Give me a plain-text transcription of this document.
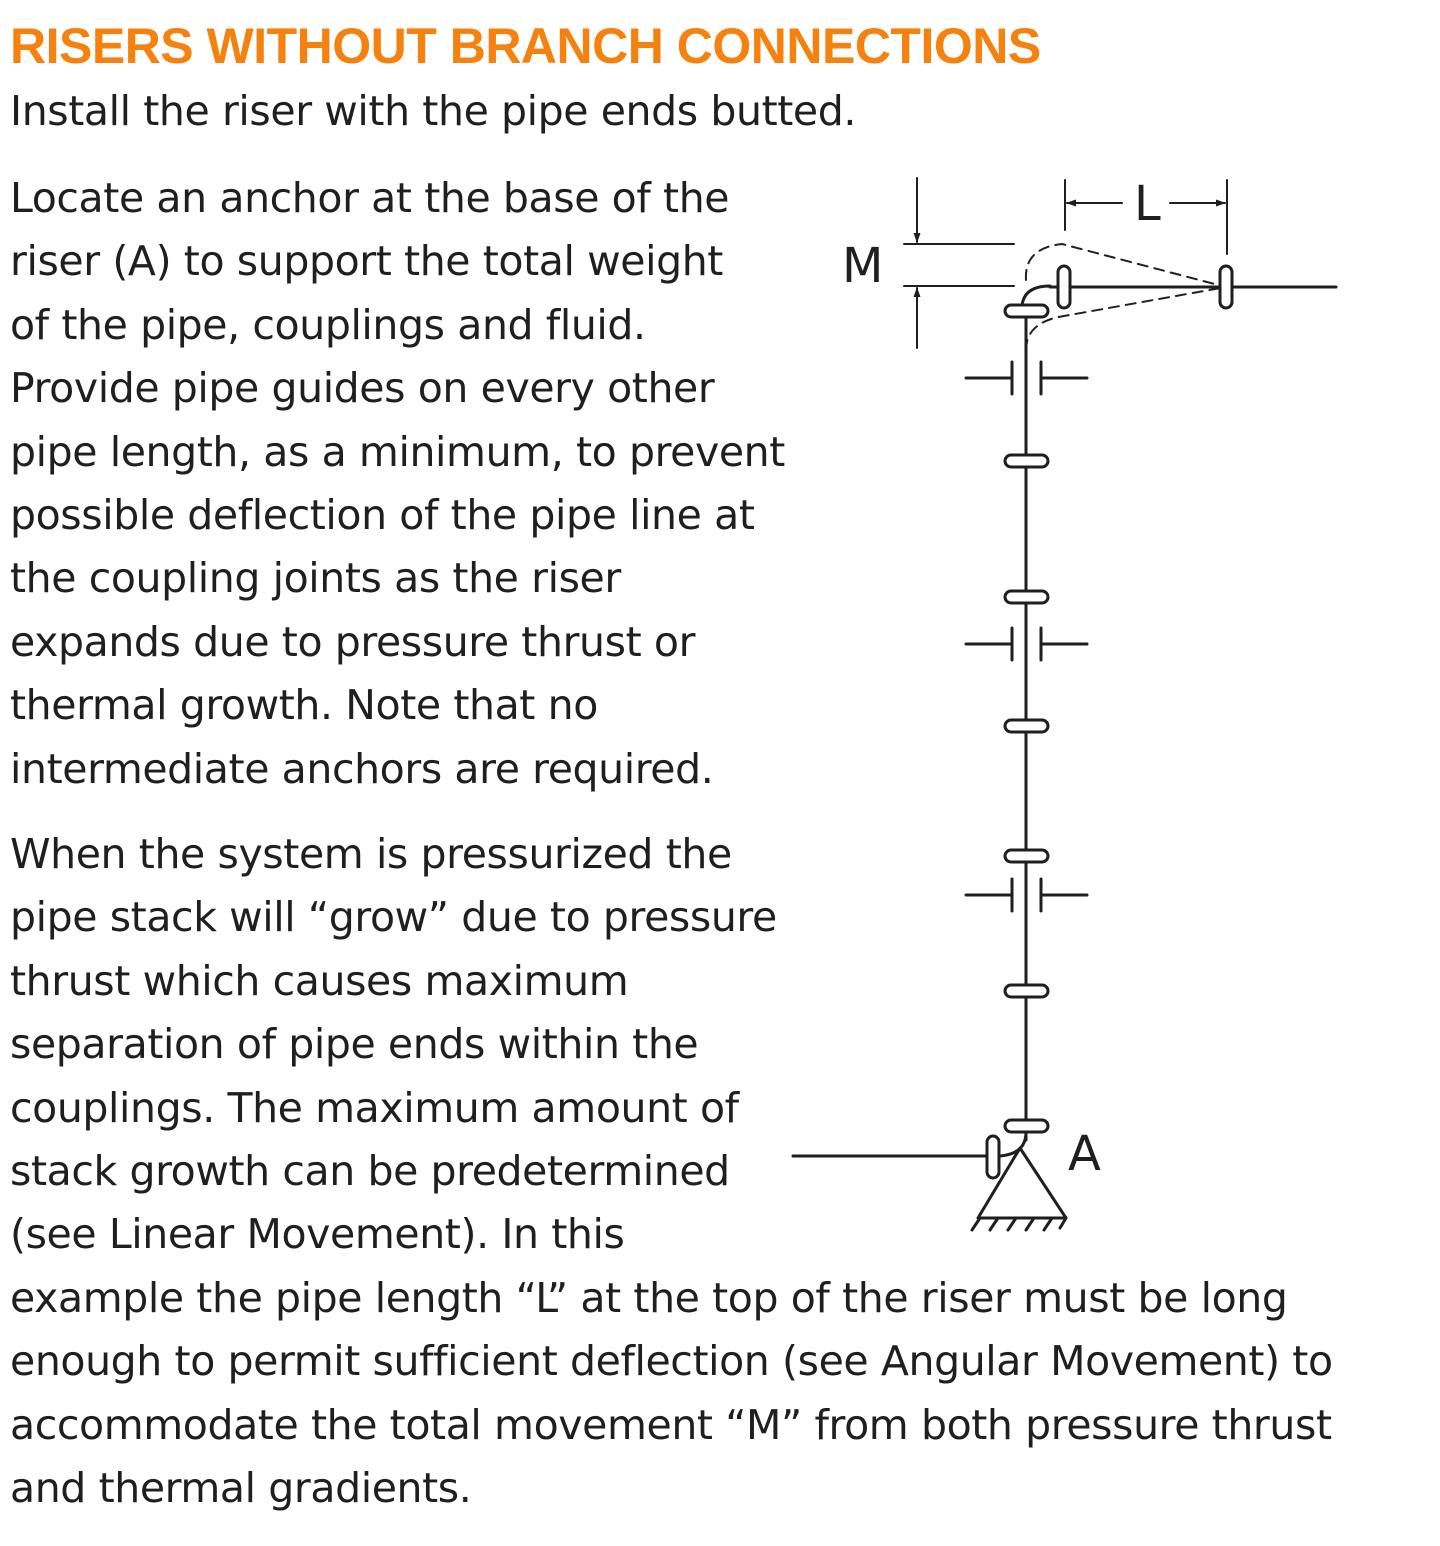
RISERS WITHOUT BRANCH CONNECTIONS

Install the riser with the pipe ends butted.

Locate an anchor at the base of the
riser (A) to support the total weight
of the pipe, couplings and fluid.
Provide pipe guides on every other
pipe length, as a minimum, to prevent
possible deflection of the pipe line at
the coupling joints as the riser
expands due to pressure thrust or
thermal growth. Note that no
intermediate anchors are required.

When the system is pressurized the
pipe stack will “grow” due to pressure
thrust which causes maximum
separation of pipe ends within the
couplings. The maximum amount of
stack growth can be predetermined
(see Linear Movement). In this
example the pipe length “L” at the top of the riser must be long
enough to permit sufficient deflection (see Angular Movement) to
accommodate the total movement “M” from both pressure thrust
and thermal gradients.

M
L
A
